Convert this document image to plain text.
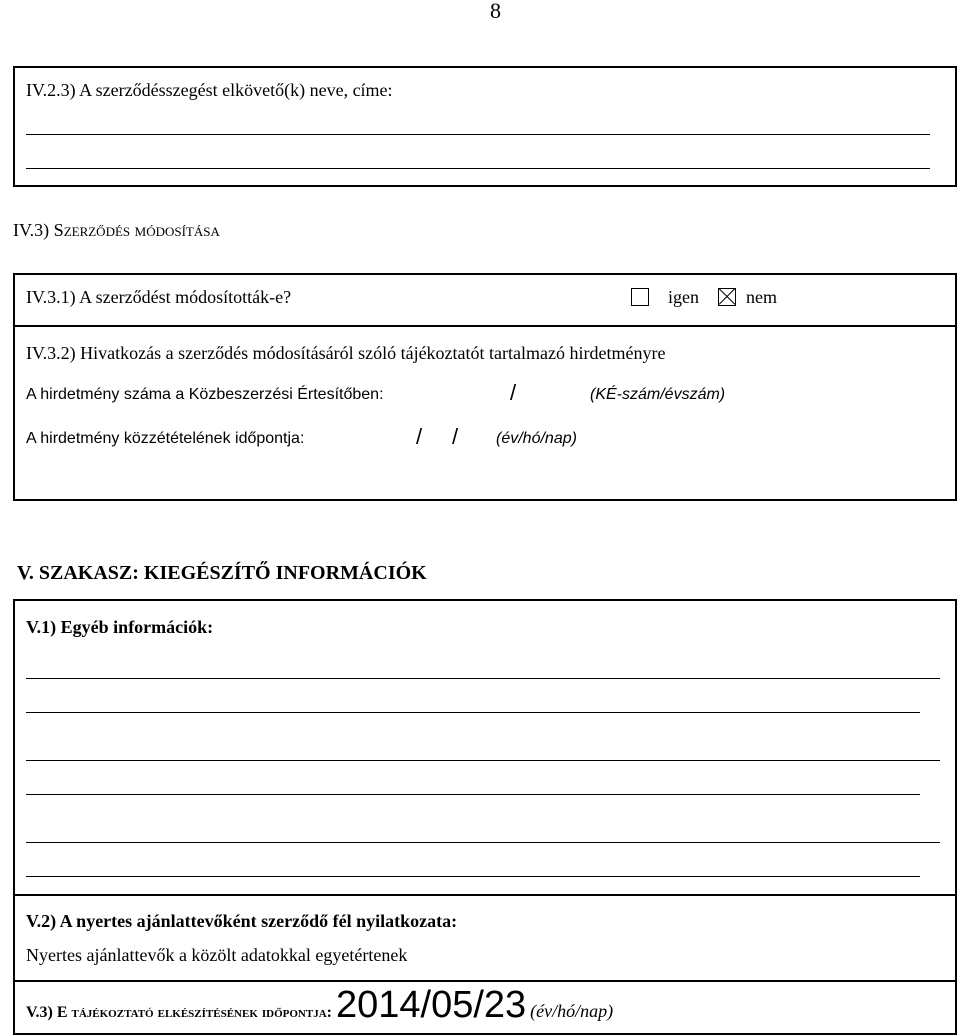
8
IV.2.3) A szerződésszegést elkövető(k) neve, címe:
IV.3) Szerződés módosítása
IV.3.1) A szerződést módosították-e?	igen	nem
IV.3.2) Hivatkozás a szerződés módosításáról szóló tájékoztatót tartalmazó hirdetményre
A hirdetmény száma a Közbeszerzési Értesítőben:	/	(KÉ-szám/évszám)
A hirdetmény közzétételének időpontja:	/ / (év/hó/nap)
V. SZAKASZ: KIEGÉSZÍTŐ INFORMÁCIÓK
V.1) Egyéb információk:
V.2) A nyertes ajánlattevőként szerződő fél nyilatkozata:
Nyertes ajánlattevők a közölt adatokkal egyetértenek
V.3) E tájékoztató elkészítésének időpontja: 2014/05/23 (év/hó/nap)
